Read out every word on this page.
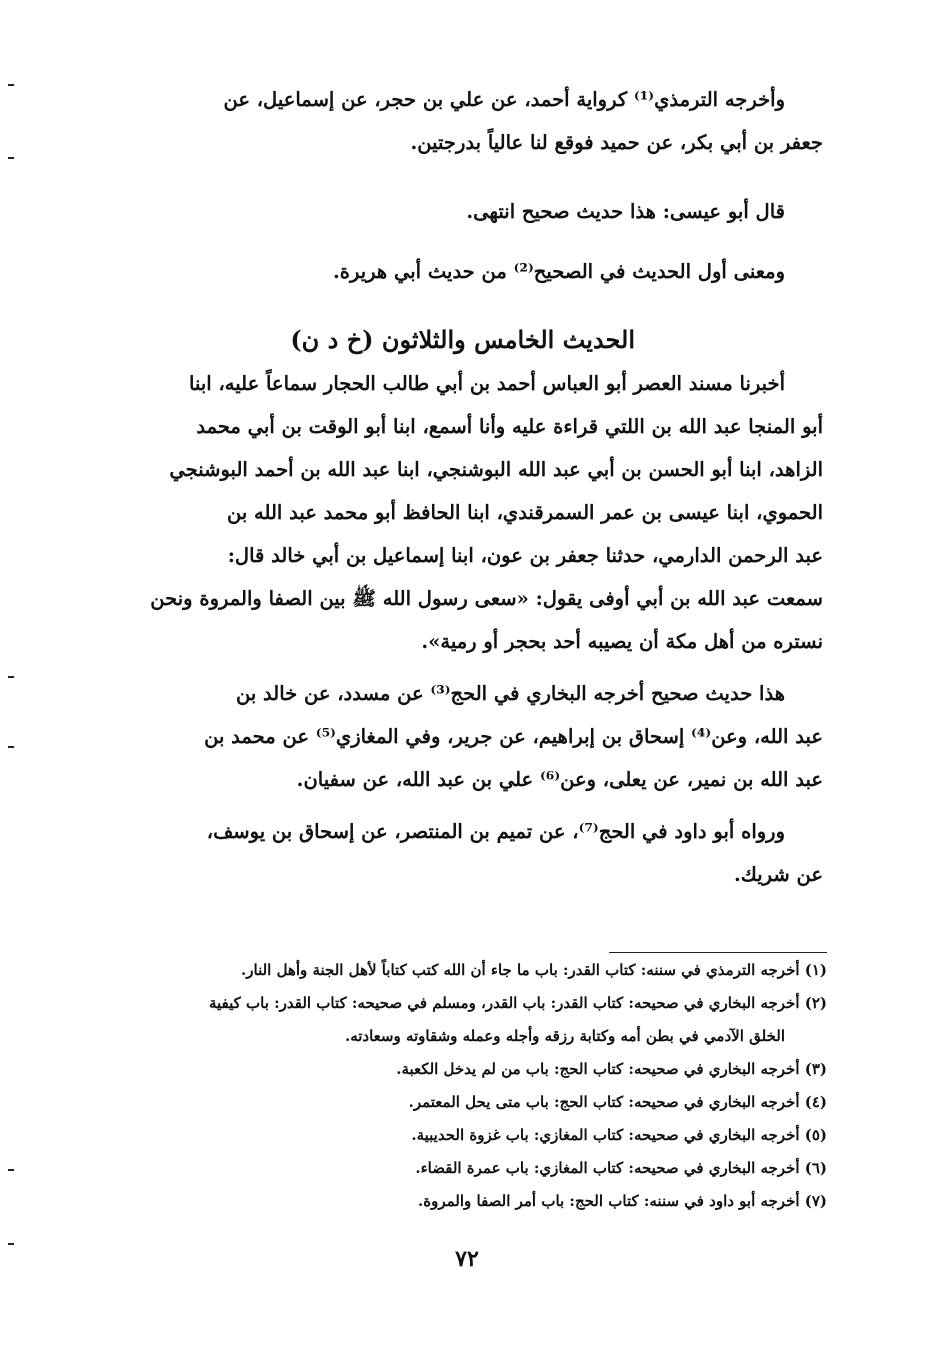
وأخرجه الترمذي⁽¹⁾ كرواية أحمد، عن علي بن حجر، عن إسماعيل، عن
جعفر بن أبي بكر، عن حميد فوقع لنا عالياً بدرجتين.
قال أبو عيسى: هذا حديث صحيح انتهى.
ومعنى أول الحديث في الصحيح⁽²⁾ من حديث أبي هريرة.
الحديث الخامس والثلاثون (خ د ن)
أخبرنا مسند العصر أبو العباس أحمد بن أبي طالب الحجار سماعاً عليه، ابنا
أبو المنجا عبد الله بن اللتي قراءة عليه وأنا أسمع، ابنا أبو الوقت بن أبي محمد
الزاهد، ابنا أبو الحسن بن أبي عبد الله البوشنجي، ابنا عبد الله بن أحمد البوشنجي
الحموي، ابنا عيسى بن عمر السمرقندي، ابنا الحافظ أبو محمد عبد الله بن
عبد الرحمن الدارمي، حدثنا جعفر بن عون، ابنا إسماعيل بن أبي خالد قال:
سمعت عبد الله بن أبي أوفى يقول: «سعى رسول الله ﷺ بين الصفا والمروة ونحن
نستره من أهل مكة أن يصيبه أحد بحجر أو رمية».
هذا حديث صحيح أخرجه البخاري في الحج⁽³⁾ عن مسدد، عن خالد بن
عبد الله، وعن⁽⁴⁾ إسحاق بن إبراهيم، عن جرير، وفي المغازي⁽⁵⁾ عن محمد بن
عبد الله بن نمير، عن يعلى، وعن⁽⁶⁾ علي بن عبد الله، عن سفيان.
ورواه أبو داود في الحج⁽⁷⁾، عن تميم بن المنتصر، عن إسحاق بن يوسف،
عن شريك.
(١) أخرجه الترمذي في سننه: كتاب القدر: باب ما جاء أن الله كتب كتاباً لأهل الجنة وأهل النار.
(٢) أخرجه البخاري في صحيحه: كتاب القدر: باب القدر، ومسلم في صحيحه: كتاب القدر: باب كيفية
الخلق الآدمي في بطن أمه وكتابة رزقه وأجله وعمله وشقاوته وسعادته.
(٣) أخرجه البخاري في صحيحه: كتاب الحج: باب من لم يدخل الكعبة.
(٤) أخرجه البخاري في صحيحه: كتاب الحج: باب متى يحل المعتمر.
(٥) أخرجه البخاري في صحيحه: كتاب المغازي: باب غزوة الحديبية.
(٦) أخرجه البخاري في صحيحه: كتاب المغازي: باب عمرة القضاء.
(٧) أخرجه أبو داود في سننه: كتاب الحج: باب أمر الصفا والمروة.
٧٢
